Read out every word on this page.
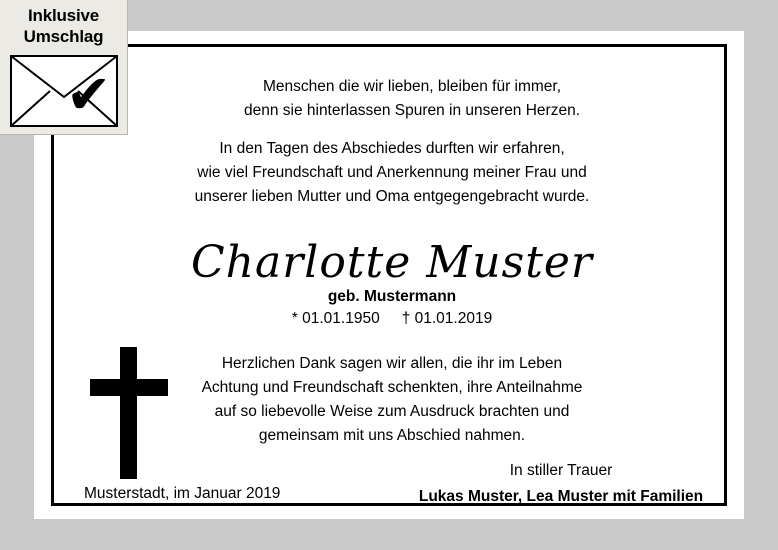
Menschen die wir lieben, bleiben für immer,
denn sie hinterlassen Spuren in unseren Herzen.
In den Tagen des Abschiedes durften wir erfahren,
wie viel Freundschaft und Anerkennung meiner Frau und
unserer lieben Mutter und Oma entgegengebracht wurde.
Charlotte Muster
geb. Mustermann
* 01.01.1950 † 01.01.2019
Herzlichen Dank sagen wir allen, die ihr im Leben
Achtung und Freundschaft schenkten, ihre Anteilnahme
auf so liebevolle Weise zum Ausdruck brachten und
gemeinsam mit uns Abschied nahmen.
In stiller Trauer
Lukas Muster, Lea Muster mit Familien
Musterstadt, im Januar 2019
Inklusive
Umschlag
✔
